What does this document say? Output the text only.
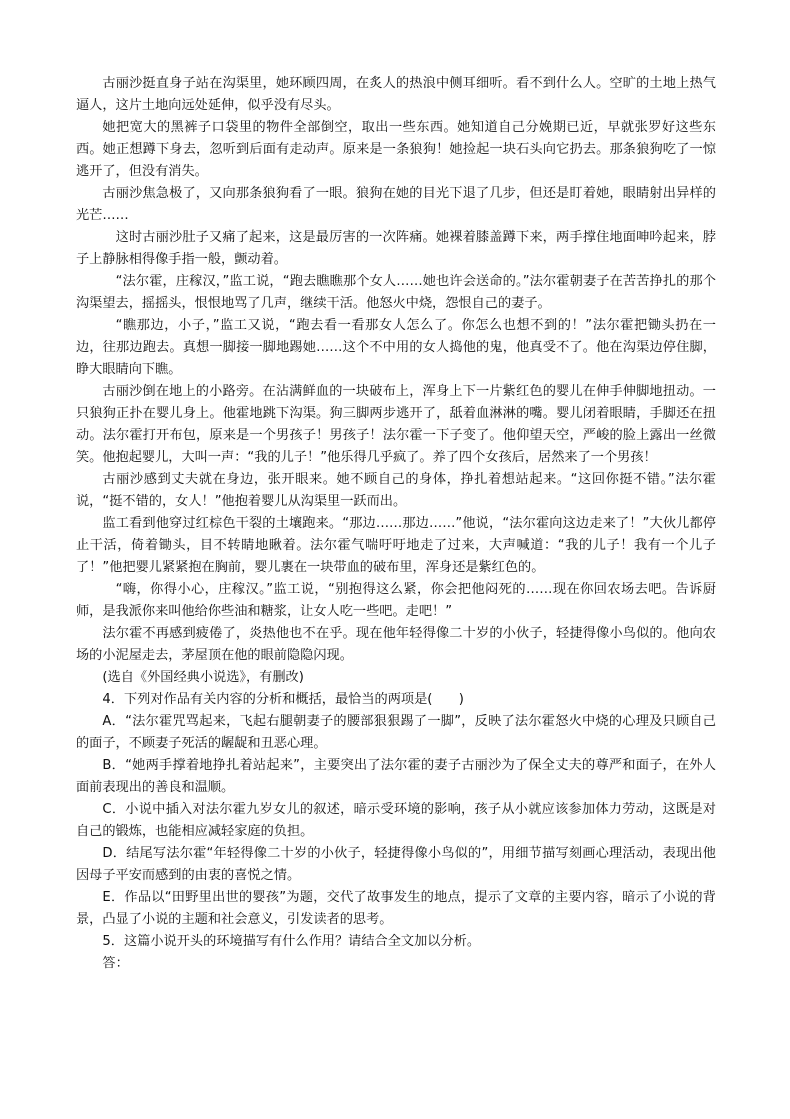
古丽沙挺直身子站在沟渠里，她环顾四周，在炙人的热浪中侧耳细听。看不到什么人。空旷的土地上热气逼人，这片土地向远处延伸，似乎没有尽头。

她把宽大的黑裤子口袋里的物件全部倒空，取出一些东西。她知道自己分娩期已近，早就张罗好这些东西。她正想蹲下身去，忽听到后面有走动声。原来是一条狼狗！她捡起一块石头向它扔去。那条狼狗吃了一惊逃开了，但没有消失。

古丽沙焦急极了，又向那条狼狗看了一眼。狼狗在她的目光下退了几步，但还是盯着她，眼睛射出异样的光芒……

这时古丽沙肚子又痛了起来，这是最厉害的一次阵痛。她裸着膝盖蹲下来，两手撑住地面呻吟起来，脖子上静脉相得像手指一般，颤动着。

“法尔霍，庄稼汉，”监工说，“跑去瞧瞧那个女人……她也许会送命的。”法尔霍朝妻子在苦苦挣扎的那个沟渠望去，摇摇头，恨恨地骂了几声，继续干活。他怒火中烧，怨恨自己的妻子。

“瞧那边，小子，”监工又说，“跑去看一看那女人怎么了。你怎么也想不到的！”法尔霍把锄头扔在一边，往那边跑去。真想一脚接一脚地踢她……这个不中用的女人捣他的鬼，他真受不了。他在沟渠边停住脚，睁大眼睛向下瞧。

古丽沙倒在地上的小路旁。在沾满鲜血的一块破布上，浑身上下一片紫红色的婴儿在伸手伸脚地扭动。一只狼狗正扑在婴儿身上。他霍地跳下沟渠。狗三脚两步逃开了，舐着血淋淋的嘴。婴儿闭着眼睛，手脚还在扭动。法尔霍打开布包，原来是一个男孩子！男孩子！法尔霍一下子变了。他仰望天空，严峻的脸上露出一丝微笑。他抱起婴儿，大叫一声：“我的儿子！”他乐得几乎疯了。养了四个女孩后，居然来了一个男孩！

古丽沙感到丈夫就在身边，张开眼来。她不顾自己的身体，挣扎着想站起来。“这回你挺不错。”法尔霍说，“挺不错的，女人！”他抱着婴儿从沟渠里一跃而出。

监工看到他穿过红棕色干裂的土壤跑来。“那边……那边……”他说，“法尔霍向这边走来了！”大伙儿都停止干活，倚着锄头，目不转睛地瞅着。法尔霍气喘吁吁地走了过来，大声喊道：“我的儿子！我有一个儿子了！”他把婴儿紧紧抱在胸前，婴儿裹在一块带血的破布里，浑身还是紫红色的。

“嗨，你得小心，庄稼汉。”监工说，“别抱得这么紧，你会把他闷死的……现在你回农场去吧。告诉厨师，是我派你来叫他给你些油和糖浆，让女人吃一些吧。走吧！”

法尔霍不再感到疲倦了，炎热他也不在乎。现在他年轻得像二十岁的小伙子，轻捷得像小鸟似的。他向农场的小泥屋走去，茅屋顶在他的眼前隐隐闪现。

(选自《外国经典小说选》，有删改)

4．下列对作品有关内容的分析和概括，最恰当的两项是(　　)

A．“法尔霍咒骂起来，飞起右腿朝妻子的腰部狠狠踢了一脚”，反映了法尔霍怒火中烧的心理及只顾自己的面子，不顾妻子死活的龌龊和丑恶心理。

B．“她两手撑着地挣扎着站起来”，主要突出了法尔霍的妻子古丽沙为了保全丈夫的尊严和面子，在外人面前表现出的善良和温顺。

C．小说中插入对法尔霍九岁女儿的叙述，暗示受环境的影响，孩子从小就应该参加体力劳动，这既是对自己的锻炼，也能相应减轻家庭的负担。

D．结尾写法尔霍“年轻得像二十岁的小伙子，轻捷得像小鸟似的”，用细节描写刻画心理活动，表现出他因母子平安而感到的由衷的喜悦之情。

E．作品以“田野里出世的婴孩”为题，交代了故事发生的地点，提示了文章的主要内容，暗示了小说的背景，凸显了小说的主题和社会意义，引发读者的思考。

5．这篇小说开头的环境描写有什么作用？请结合全文加以分析。

答：
